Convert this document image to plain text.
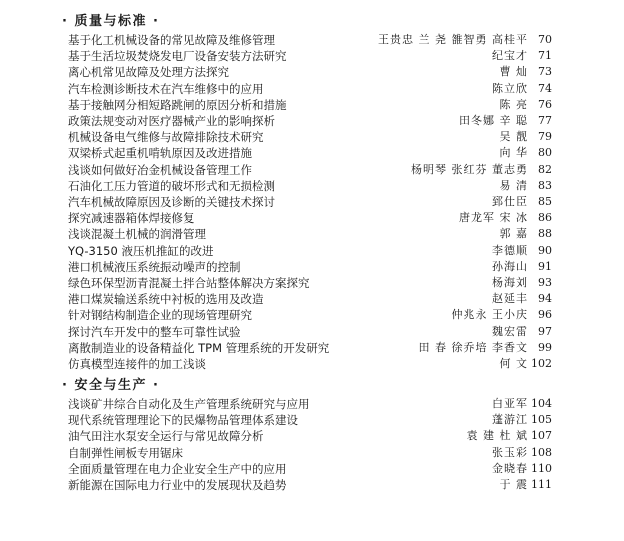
· 质量与标准 ·
基于化工机械设备的常见故障及维修管理	王贵忠 兰 尧 雒智勇 高桂平 70
基于生活垃圾焚烧发电厂设备安装方法研究	纪宝才 71
离心机常见故障及处理方法探究	曹 灿 73
汽车检测诊断技术在汽车维修中的应用	陈立欣 74
基于接触网分相短路跳闸的原因分析和措施	陈 亮 76
政策法规变动对医疗器械产业的影响探析	田冬娜 辛 聪 77
机械设备电气维修与故障排除技术研究	吴 靓 79
双梁桥式起重机啃轨原因及改进措施	向 华 80
浅谈如何做好冶金机械设备管理工作	杨明琴 张红芬 董志勇 82
石油化工压力管道的破坏形式和无损检测	易 清 83
汽车机械故障原因及诊断的关键技术探讨	郅仕臣 85
探究减速器箱体焊接修复	唐龙军 宋 冰 86
浅谈混凝土机械的润滑管理	郭 嘉 88
YQ-3150 液压机推缸的改进	李德顺 90
港口机械液压系统振动噪声的控制	孙海山 91
绿色环保型沥青混凝土拌合站整体解决方案探究	杨海刘 93
港口煤炭输送系统中衬板的选用及改造	赵延丰 94
针对钢结构制造企业的现场管理研究	仲兆永 王小庆 96
探讨汽车开发中的整车可靠性试验	魏宏雷 97
离散制造业的设备精益化 TPM 管理系统的开发研究	田 春 徐乔培 李香文 99
仿真模型连接件的加工浅谈	何 文 102
· 安全与生产 ·
浅谈矿井综合自动化及生产管理系统研究与应用	白亚军 104
现代系统管理理论下的民爆物品管理体系建设	蓬游江 105
油气田注水泵安全运行与常见故障分析	袁 建 杜 斌 107
自制弹性闸板专用锯床	张玉彩 108
全面质量管理在电力企业安全生产中的应用	金晓春 110
新能源在国际电力行业中的发展现状及趋势	于 震 111
